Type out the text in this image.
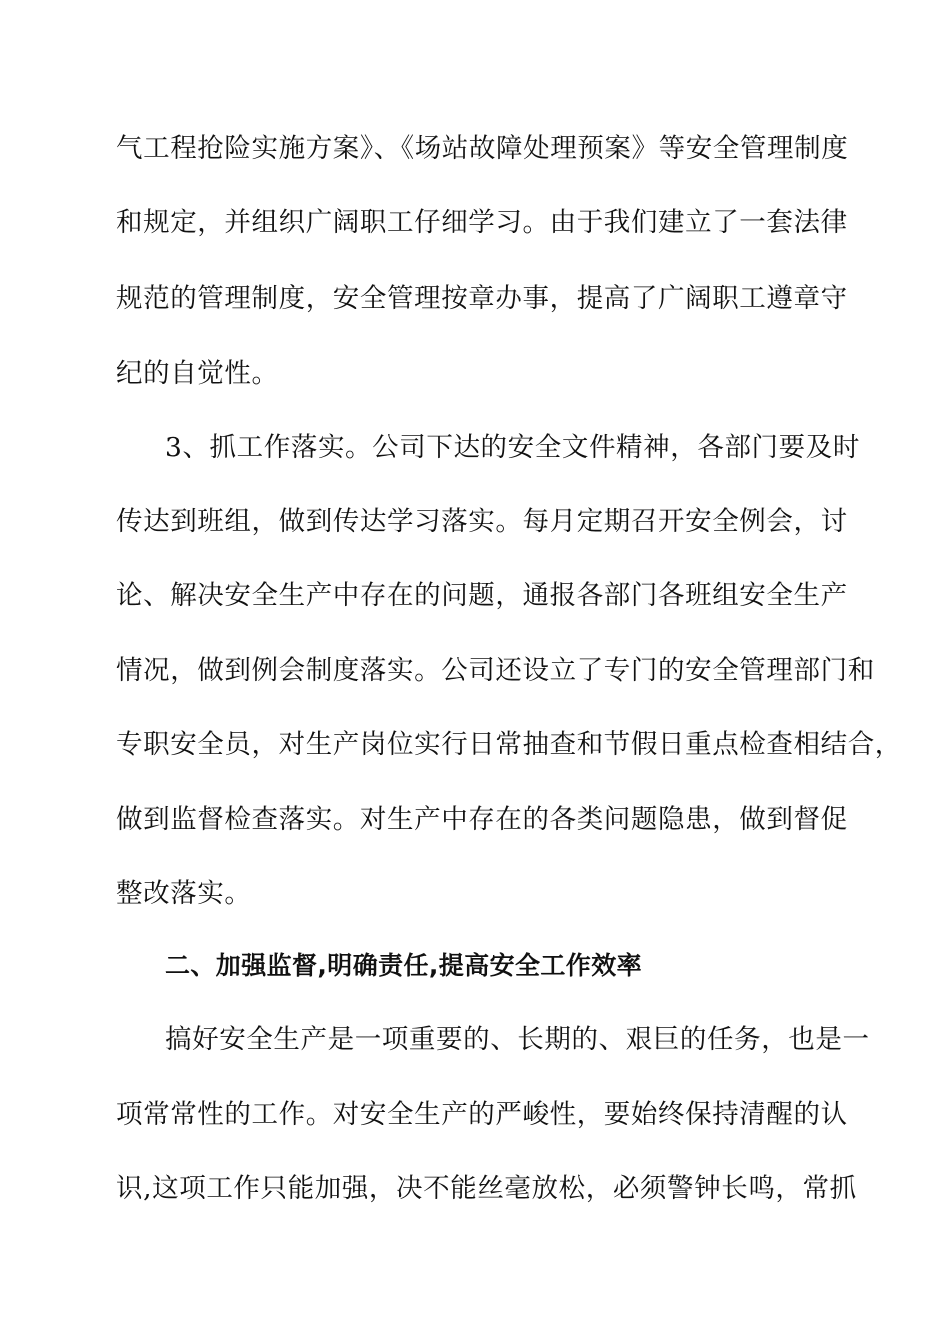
气工程抢险实施方案》、《场站故障处理预案》等安全管理制度
和规定，并组织广阔职工仔细学习。由于我们建立了一套法律
规范的管理制度，安全管理按章办事，提高了广阔职工遵章守
纪的自觉性。
3、抓工作落实。公司下达的安全文件精神，各部门要及时
传达到班组，做到传达学习落实。每月定期召开安全例会，讨
论、解决安全生产中存在的问题，通报各部门各班组安全生产
情况，做到例会制度落实。公司还设立了专门的安全管理部门和
专职安全员，对生产岗位实行日常抽查和节假日重点检查相结合，
做到监督检查落实。对生产中存在的各类问题隐患，做到督促
整改落实。
二、加强监督,明确责任,提高安全工作效率
搞好安全生产是一项重要的、长期的、艰巨的任务，也是一
项常常性的工作。对安全生产的严峻性，要始终保持清醒的认
识,这项工作只能加强，决不能丝毫放松，必须警钟长鸣，常抓
